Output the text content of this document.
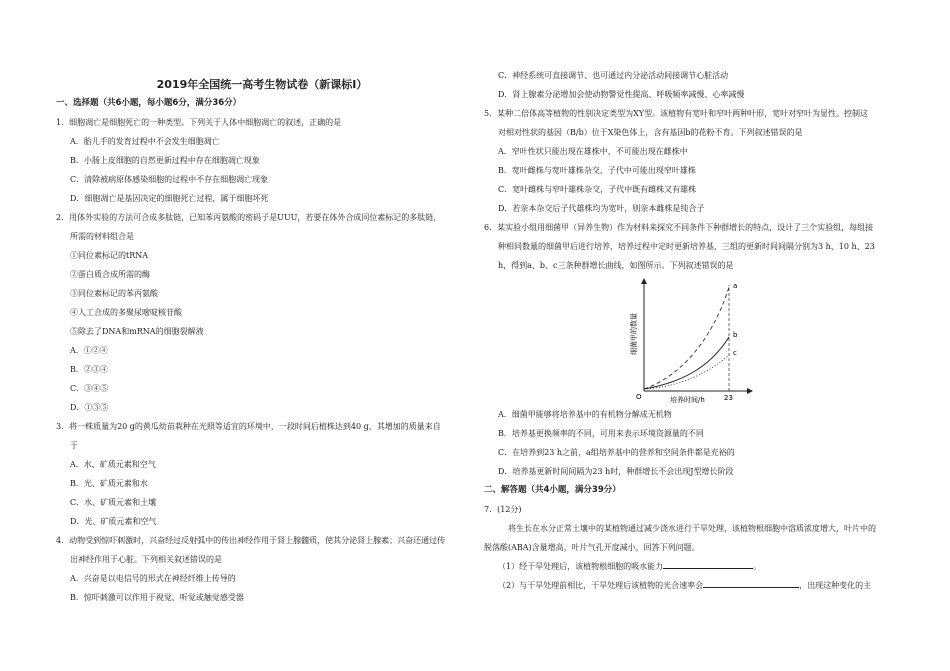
2019年全国统一高考生物试卷（新课标Ⅰ）
一、选择题（共6小题，每小题6分，满分36分）
1．细胞凋亡是细胞死亡的一种类型。下列关于人体中细胞凋亡的叙述，正确的是
A．胎儿手的发育过程中不会发生细胞凋亡
B．小肠上皮细胞的自然更新过程中存在细胞凋亡现象
C．清除被病原体感染细胞的过程中不存在细胞凋亡现象
D．细胞凋亡是基因决定的细胞死亡过程，属于细胞坏死
2．用体外实验的方法可合成多肽链，已知苯丙氨酸的密码子是UUU，若要在体外合成同位素标记的多肽链，
所需的材料组合是
①同位素标记的tRNA
②蛋白质合成所需的酶
③同位素标记的苯丙氨酸
④人工合成的多聚尿嘧啶核苷酸
⑤除去了DNA和mRNA的细胞裂解液
A．①②④
B．②③④
C．③④⑤
D．①③⑤
3．将一株质量为20 g的黄瓜幼苗栽种在光照等适宜的环境中，一段时间后植株达到40 g，其增加的质量来自
于
A．水、矿质元素和空气
B．光、矿质元素和水
C．水、矿质元素和土壤
D．光、矿质元素和空气
4．动物受到惊吓刺激时，兴奋经过反射弧中的传出神经作用于肾上腺髓质，使其分泌肾上腺素；兴奋还通过传
出神经作用于心脏。下列相关叙述错误的是
A．兴奋是以电信号的形式在神经纤维上传导的
B．惊吓刺激可以作用于视觉、听觉或触觉感受器
C．神经系统可直接调节、也可通过内分泌活动间接调节心脏活动
D．肾上腺素分泌增加会使动物警觉性提高、呼吸频率减慢、心率减慢
5．某种二倍体高等植物的性别决定类型为XY型。该植物有宽叶和窄叶两种叶形，宽叶对窄叶为显性。控制这
对相对性状的基因（B/b）位于X染色体上，含有基因b的花粉不育。下列叙述错误的是
A．窄叶性状只能出现在雄株中，不可能出现在雌株中
B．宽叶雌株与宽叶雄株杂交，子代中可能出现窄叶雄株
C．宽叶雌株与窄叶雄株杂交，子代中既有雌株又有雄株
D．若亲本杂交后子代雄株均为宽叶，则亲本雌株是纯合子
6．某实验小组用细菌甲（异养生物）作为材料来探究不同条件下种群增长的特点，设计了三个实验组，每组接
种相同数量的细菌甲后进行培养，培养过程中定时更新培养基，三组的更新时间间隔分别为3 h、10 h、23
h，得到a、b、c三条种群增长曲线，如图所示。下列叙述错误的是
a
b
c
O	23
培养时间/h
细菌甲的数量
A．细菌甲能够将培养基中的有机物分解成无机物
B．培养基更换频率的不同，可用来表示环境资源量的不同
C．在培养到23 h之前，a组培养基中的营养和空间条件都是充裕的
D．培养基更新时间间隔为23 h时，种群增长不会出现J型增长阶段
二、解答题（共4小题，满分39分）
7．(12分)
将生长在水分正常土壤中的某植物通过减少浇水进行干旱处理，该植物根细胞中溶质浓度增大，叶片中的
脱落酸(ABA)含量增高，叶片气孔开度减小，回答下列问题。
（1）经干旱处理后，该植物根细胞的吸水能力	。
（2）与干旱处理前相比，干旱处理后该植物的光合速率会	，出现这种变化的主
